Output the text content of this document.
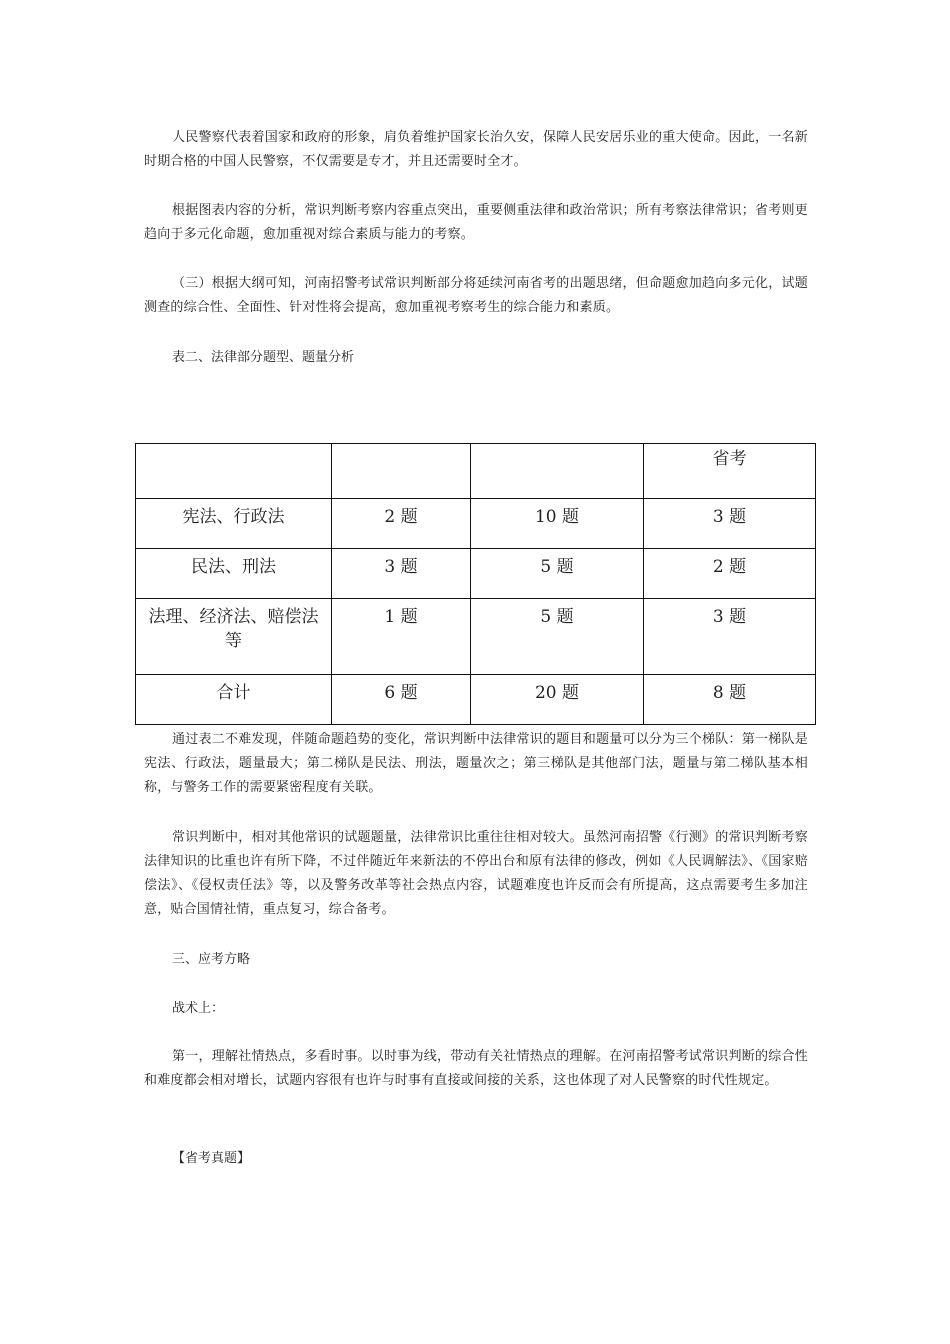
人民警察代表着国家和政府的形象，肩负着维护国家长治久安，保障人民安居乐业的重大使命。因此，一名新时期合格的中国人民警察，不仅需要是专才，并且还需要时全才。

根据图表内容的分析，常识判断考察内容重点突出，重要侧重法律和政治常识；所有考察法律常识；省考则更趋向于多元化命题，愈加重视对综合素质与能力的考察。

（三）根据大纲可知，河南招警考试常识判断部分将延续河南省考的出题思绪，但命题愈加趋向多元化，试题测查的综合性、全面性、针对性将会提高，愈加重视考察考生的综合能力和素质。

表二、法律部分题型、题量分析

			省考
宪法、行政法	2 题	10 题	3 题
民法、刑法	3 题	5 题	2 题
法理、经济法、赔偿法等	1 题	5 题	3 题
合计	6 题	20 题	8 题

通过表二不难发现，伴随命题趋势的变化，常识判断中法律常识的题目和题量可以分为三个梯队：第一梯队是宪法、行政法，题量最大；第二梯队是民法、刑法，题量次之；第三梯队是其他部门法，题量与第二梯队基本相称，与警务工作的需要紧密程度有关联。

常识判断中，相对其他常识的试题题量，法律常识比重往往相对较大。虽然河南招警《行测》的常识判断考察法律知识的比重也许有所下降，不过伴随近年来新法的不停出台和原有法律的修改，例如《人民调解法》、《国家赔偿法》、《侵权责任法》等，以及警务改革等社会热点内容，试题难度也许反而会有所提高，这点需要考生多加注意，贴合国情社情，重点复习，综合备考。

三、应考方略

战术上：

第一，理解社情热点，多看时事。以时事为线，带动有关社情热点的理解。在河南招警考试常识判断的综合性和难度都会相对增长，试题内容很有也许与时事有直接或间接的关系，这也体现了对人民警察的时代性规定。

【省考真题】
